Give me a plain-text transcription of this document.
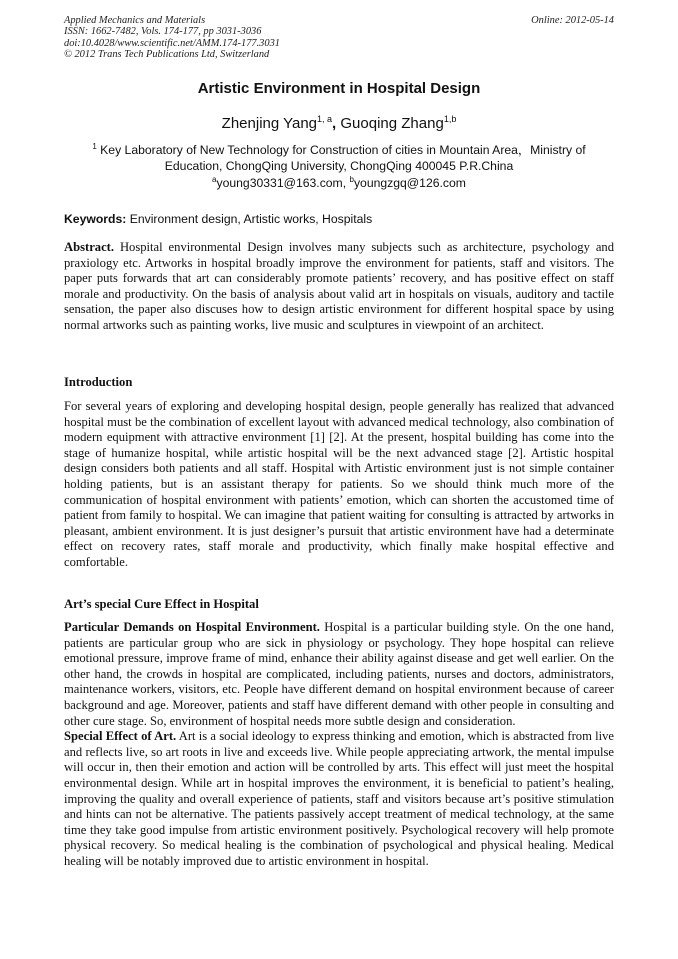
Applied Mechanics and Materials
ISSN: 1662-7482, Vols. 174-177, pp 3031-3036
doi:10.4028/www.scientific.net/AMM.174-177.3031
© 2012 Trans Tech Publications Ltd, Switzerland
Online: 2012-05-14
Artistic Environment in Hospital Design
Zhenjing Yang$^{1, a}$, Guoqing Zhang$^{1,b}$
$^1$ Key Laboratory of New Technology for Construction of cities in Mountain Area，Ministry of Education, ChongQing University, ChongQing 400045 P.R.China
$^a$young30331@163.com, $^b$youngzgq@126.com
Keywords: Environment design, Artistic works, Hospitals
Abstract. Hospital environmental Design involves many subjects such as architecture, psychology and praxiology etc. Artworks in hospital broadly improve the environment for patients, staff and visitors. The paper puts forwards that art can considerably promote patients’ recovery, and has positive effect on staff morale and productivity. On the basis of analysis about valid art in hospitals on visuals, auditory and tactile sensation, the paper also discuses how to design artistic environment for different hospital space by using normal artworks such as painting works, live music and sculptures in viewpoint of an architect.
Introduction
For several years of exploring and developing hospital design, people generally has realized that advanced hospital must be the combination of excellent layout with advanced medical technology, also combination of modern equipment with attractive environment [1] [2]. At the present, hospital building has come into the stage of humanize hospital, while artistic hospital will be the next advanced stage [2]. Artistic hospital design considers both patients and all staff. Hospital with Artistic environment just is not simple container holding patients, but is an assistant therapy for patients. So we should think much more of the communication of hospital environment with patients’ emotion, which can shorten the accustomed time of patient from family to hospital. We can imagine that patient waiting for consulting is attracted by artworks in pleasant, ambient environment. It is just designer’s pursuit that artistic environment have had a determinate effect on recovery rates, staff morale and productivity, which finally make hospital effective and comfortable.
Art’s special Cure Effect in Hospital
Particular Demands on Hospital Environment. Hospital is a particular building style. On the one hand, patients are particular group who are sick in physiology or psychology. They hope hospital can relieve emotional pressure, improve frame of mind, enhance their ability against disease and get well earlier. On the other hand, the crowds in hospital are complicated, including patients, nurses and doctors, administrators, maintenance workers, visitors, etc. People have different demand on hospital environment because of career background and age. Moreover, patients and staff have different demand with other people in consulting and other cure stage. So, environment of hospital needs more subtle design and consideration.
Special Effect of Art. Art is a social ideology to express thinking and emotion, which is abstracted from live and reflects live, so art roots in live and exceeds live. While people appreciating artwork, the mental impulse will occur in, then their emotion and action will be controlled by arts. This effect will just meet the hospital environmental design. While art in hospital improves the environment, it is beneficial to patient’s healing, improving the quality and overall experience of patients, staff and visitors because art’s positive stimulation and hints can not be alternative. The patients passively accept treatment of medical technology, at the same time they take good impulse from artistic environment positively. Psychological recovery will help promote physical recovery. So medical healing is the combination of psychological and physical healing. Medical healing will be notably improved due to artistic environment in hospital.
